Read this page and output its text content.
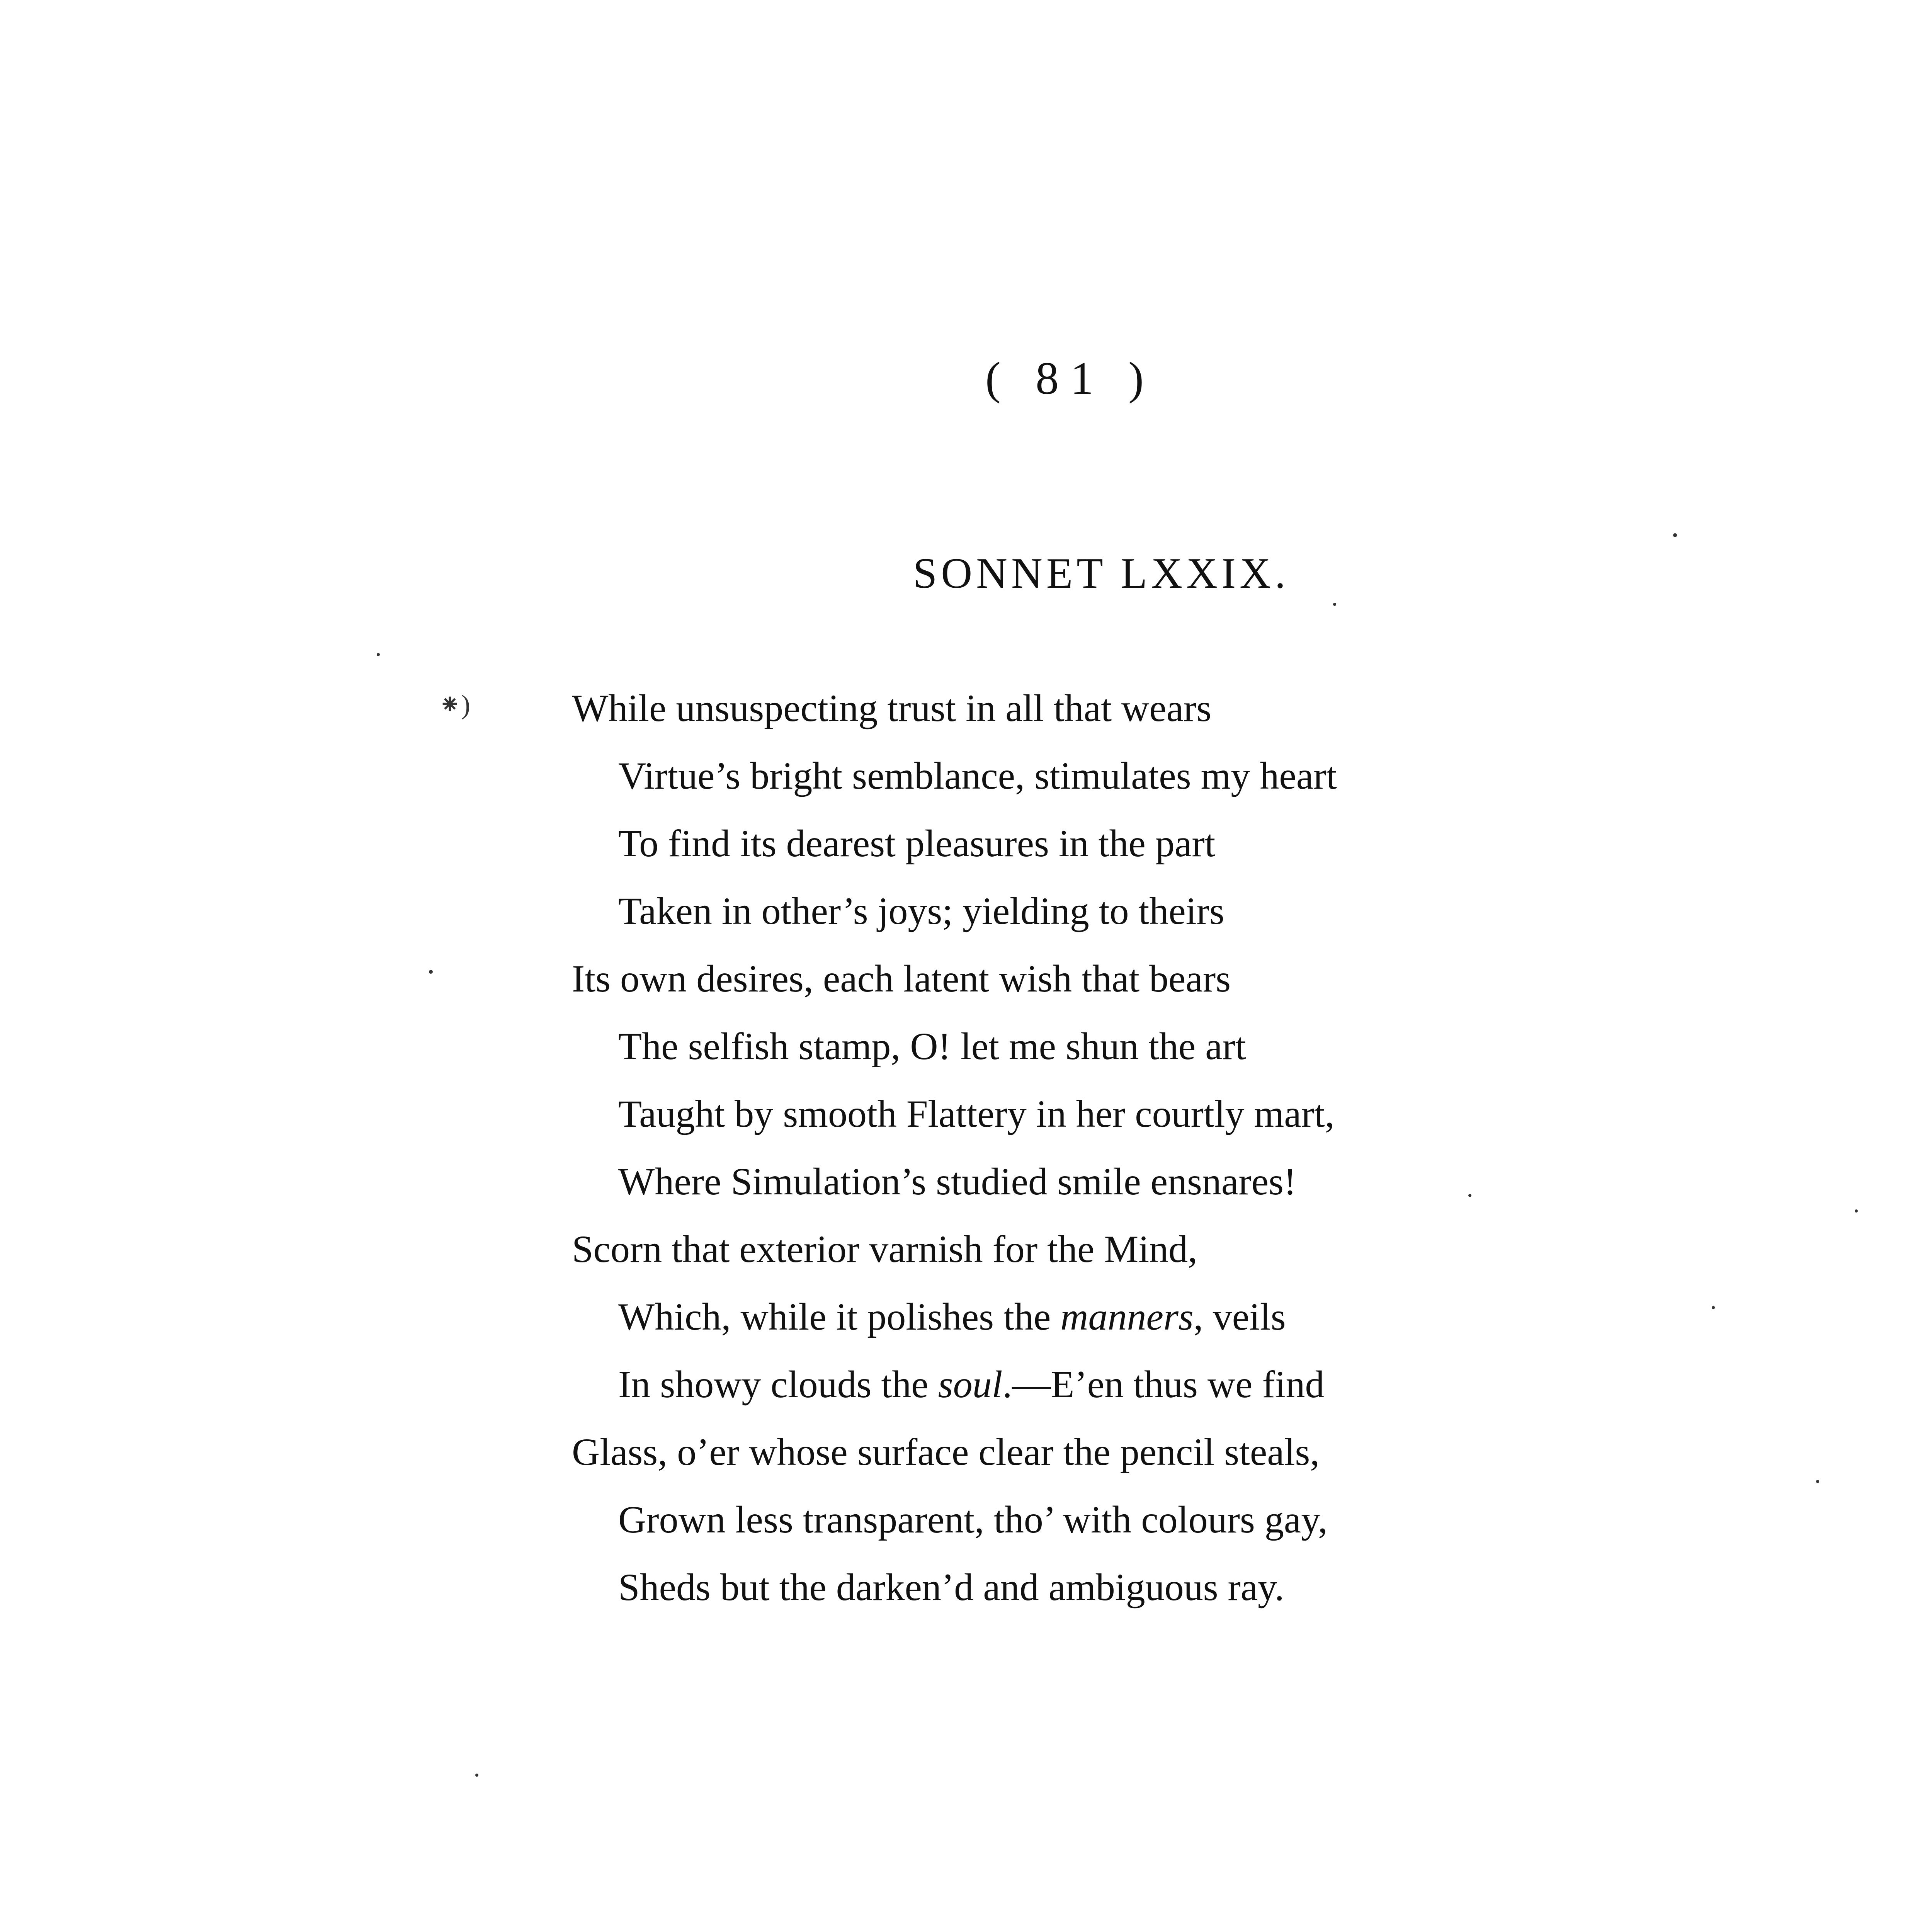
( 81 )
SONNET LXXIX.
⁕)	While unsuspecting trust in all that wears
Virtue’s bright semblance, stimulates my heart
To find its dearest pleasures in the part
Taken in other’s joys; yielding to theirs
Its own desires, each latent wish that bears
The selfish stamp, O! let me shun the art
Taught by smooth Flattery in her courtly mart,
Where Simulation’s studied smile ensnares!
Scorn that exterior varnish for the Mind,
Which, while it polishes the manners, veils
In showy clouds the soul.—E’en thus we find
Glass, o’er whose surface clear the pencil steals,
Grown less transparent, tho’ with colours gay,
Sheds but the darken’d and ambiguous ray.
